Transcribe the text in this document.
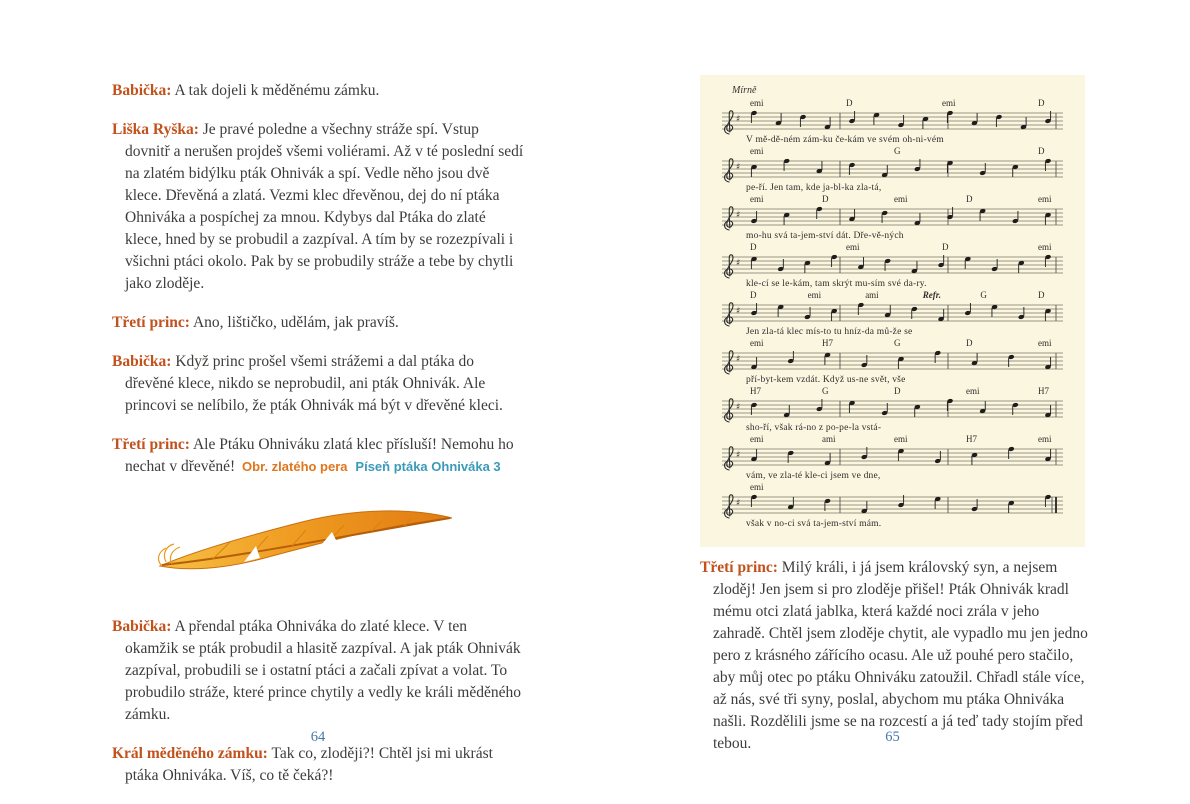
Babička: A tak dojeli k měděnému zámku.

Liška Ryška: Je pravé poledne a všechny stráže spí. Vstup dovnitř a nerušen projdeš všemi voliérami. Až v té poslední sedí na zlatém bidýlku pták Ohnivák a spí. Vedle něho jsou dvě klece. Dřevěná a zlatá. Vezmi klec dřevěnou, dej do ní ptáka Ohniváka a pospíchej za mnou. Kdybys dal Ptáka do zlaté klece, hned by se probudil a zazpíval. A tím by se rozezpívali i všichni ptáci okolo. Pak by se probudily stráže a tebe by chytli jako zloděje.

Třetí princ: Ano, lištičko, udělám, jak pravíš.

Babička: Když princ prošel všemi strážemi a dal ptáka do dřevěné klece, nikdo se neprobudil, ani pták Ohnivák. Ale princovi se nelíbilo, že pták Ohnivák má být v dřevěné kleci.

Třetí princ: Ale Ptáku Ohniváku zlatá klec přísluší! Nemohu ho nechat v dřevěné! Obr. zlatého pera Píseň ptáka Ohniváka 3

Babička: A přendal ptáka Ohniváka do zlaté klece. V ten okamžik se pták probudil a hlasitě zazpíval. A jak pták Ohnivák zazpíval, probudili se i ostatní ptáci a začali zpívat a volat. To probudilo stráže, které prince chytily a vedly ke králi měděného zámku.

Král měděného zámku: Tak co, zloději?! Chtěl jsi mi ukrást ptáka Ohniváka. Víš, co tě čeká?!

Mírně
emi	D	emi	D
♯
V mě-dě-ném zám-ku če-kám ve svém oh-ni-vém
emi	G	D
♯
pe-ří. Jen tam, kde ja-bl-ka zla-tá,
emi	D	emi	D	emi
♯
mo-hu svá ta-jem-ství dát. Dře-vě-ných
D	emi	D	emi
♯
kle-cí se le-kám, tam skrýt mu-sím své da-ry.
D	emi	ami	Refr.	G	D
♯
Jen zla-tá klec mís-to tu hníz-da mů-že se
emi	H7	G	D	emi
♯
pří-byt-kem vzdát. Když us-ne svět, vše
H7	G	D	emi	H7
♯
sho-ří, však rá-no z po-pe-la vstá-
emi	ami	emi	H7	emi
♯
vám, ve zla-té kle-ci jsem ve dne,
emi
♯
však v no-ci svá ta-jem-ství mám.

Třetí princ: Milý králi, i já jsem královský syn, a nejsem zloděj! Jen jsem si pro zloděje přišel! Pták Ohnivák kradl mému otci zlatá jablka, která každé noci zrála v jeho zahradě. Chtěl jsem zloděje chytit, ale vypadlo mu jen jedno pero z krásného zářícího ocasu. Ale už pouhé pero stačilo, aby můj otec po ptáku Ohniváku zatoužil. Chřadl stále více, až nás, své tři syny, poslal, abychom mu ptáka Ohniváka našli. Rozdělili jsme se na rozcestí a já teď tady stojím před tebou.

64	65
